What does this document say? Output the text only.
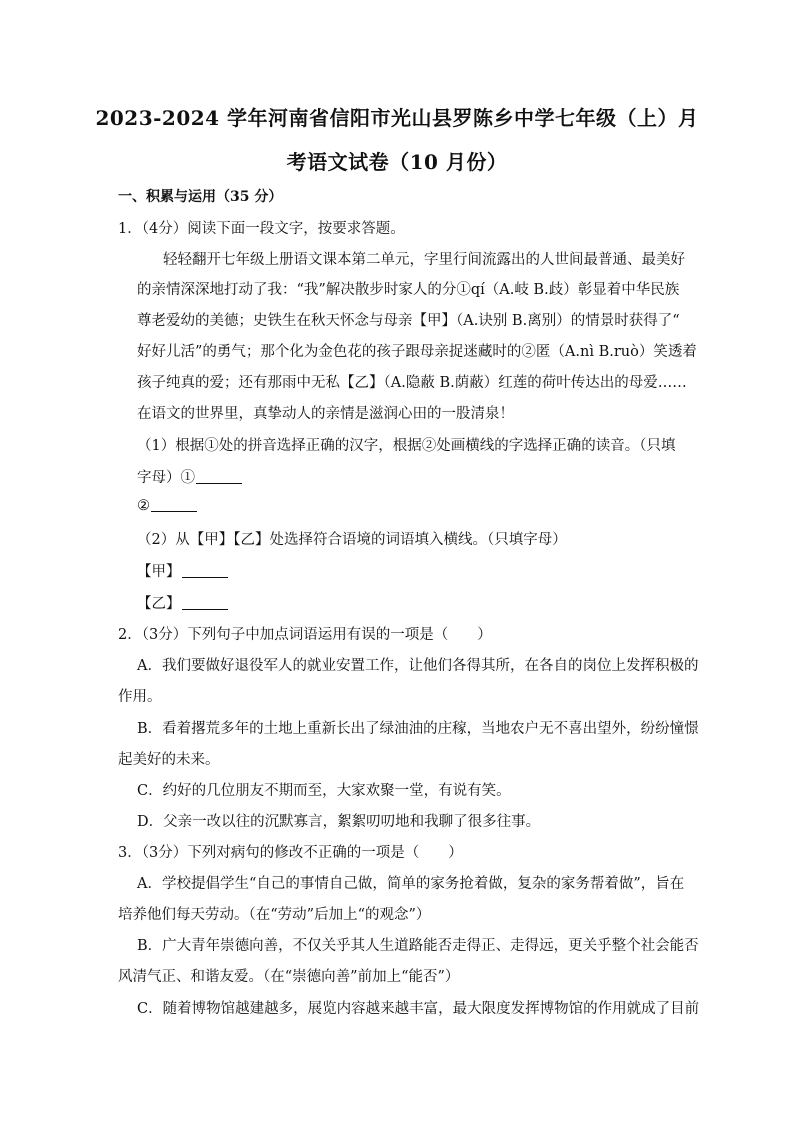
2023-2024 学年河南省信阳市光山县罗陈乡中学七年级（上）月
考语文试卷（10 月份）
一、积累与运用（35 分）
1．（4分）阅读下面一段文字，按要求答题。
轻轻翻开七年级上册语文课本第二单元，字里行间流露出的人世间最普通、最美好
的亲情深深地打动了我：“我”解决散步时家人的分①qí（A.岐 B.歧）彰显着中华民族
尊老爱幼的美德；史铁生在秋天怀念与母亲【甲】（A.诀别 B.离别）的情景时获得了“
好好儿活”的勇气；那个化为金色花的孩子跟母亲捉迷藏时的②匿（A.nì B.ruò）笑透着
孩子纯真的爱；还有那雨中无私【乙】（A.隐蔽 B.荫蔽）红莲的荷叶传达出的母爱……
在语文的世界里，真挚动人的亲情是滋润心田的一股清泉！
（1）根据①处的拼音选择正确的汉字，根据②处画横线的字选择正确的读音。（只填
字母）①
②
（2）从【甲】【乙】处选择符合语境的词语填入横线。（只填字母）
【甲】
【乙】
2．（3分）下列句子中加点词语运用有误的一项是（　　）
A．我们要做好退役军人的就业安置工作，让他们各得其所，在各自的岗位上发挥积极的
作用。
B．看着撂荒多年的土地上重新长出了绿油油的庄稼，当地农户无不喜出望外，纷纷憧憬
起美好的未来。
C．约好的几位朋友不期而至，大家欢聚一堂，有说有笑。
D．父亲一改以往的沉默寡言，絮絮叨叨地和我聊了很多往事。
3．（3分）下列对病句的修改不正确的一项是（　　）
A．学校提倡学生“自己的事情自己做，简单的家务抢着做，复杂的家务帮着做”，旨在
培养他们每天劳动。（在“劳动”后加上“的观念”）
B．广大青年崇德向善，不仅关乎其人生道路能否走得正、走得远，更关乎整个社会能否
风清气正、和谐友爱。（在“崇德向善”前加上“能否”）
C．随着博物馆越建越多，展览内容越来越丰富，最大限度发挥博物馆的作用就成了目前
